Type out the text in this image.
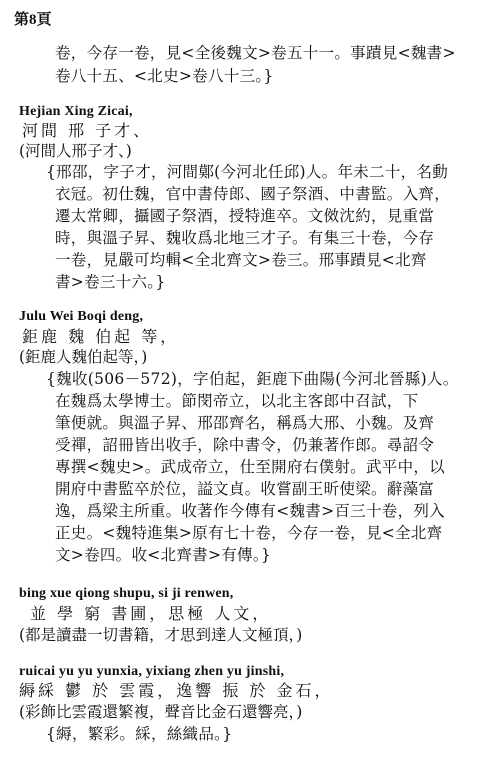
第8頁
卷，今存一卷，見<全後魏文>卷五十一。事蹟見<魏書>
卷八十五、<北史>卷八十三。}
Hejian Xing Zicai,
河間 邢 子才、
(河間人邢子才、)
{邢邵，字子才，河間鄚(今河北任邱)人。年未二十，名動
衣冠。初仕魏，官中書侍郎、國子祭酒、中書監。入齊，
遷太常卿，攝國子祭酒，授特進卒。文傚沈約，見重當
時，與溫子昇、魏收爲北地三才子。有集三十卷，今存
一卷，見嚴可均輯<全北齊文>卷三。邢事蹟見<北齊
書>卷三十六。}
Julu Wei Boqi deng,
鉅鹿 魏 伯起 等，
(鉅鹿人魏伯起等，)
{魏收(506－572)，字伯起，鉅鹿下曲陽(今河北晉縣)人。
在魏爲太學博士。節閔帝立，以北主客郎中召試，下
筆便就。與溫子昇、邢邵齊名，稱爲大邢、小魏。及齊
受禪，詔冊皆出收手，除中書令，仍兼著作郎。尋詔令
專撰<魏史>。武成帝立，仕至開府右僕射。武平中，以
開府中書監卒於位，謚文貞。收嘗副王昕使梁。辭藻富
逸，爲梁主所重。收著作今傳有<魏書>百三十卷，列入
正史。<魏特進集>原有七十卷，今存一卷，見<全北齊
文>卷四。收<北齊書>有傳。}
bing xue qiong shupu, si ji renwen,
並 學 窮 書圃，思極 人文，
(都是讀盡一切書籍，才思到達人文極頂，)
ruicai yu yu yunxia, yixiang zhen yu jinshi,
縟綵 鬱 於 雲霞，逸響 振 於 金石，
(彩飾比雲霞還繁複，聲音比金石還響亮，)
{縟，繁彩。綵，絲織品。}
